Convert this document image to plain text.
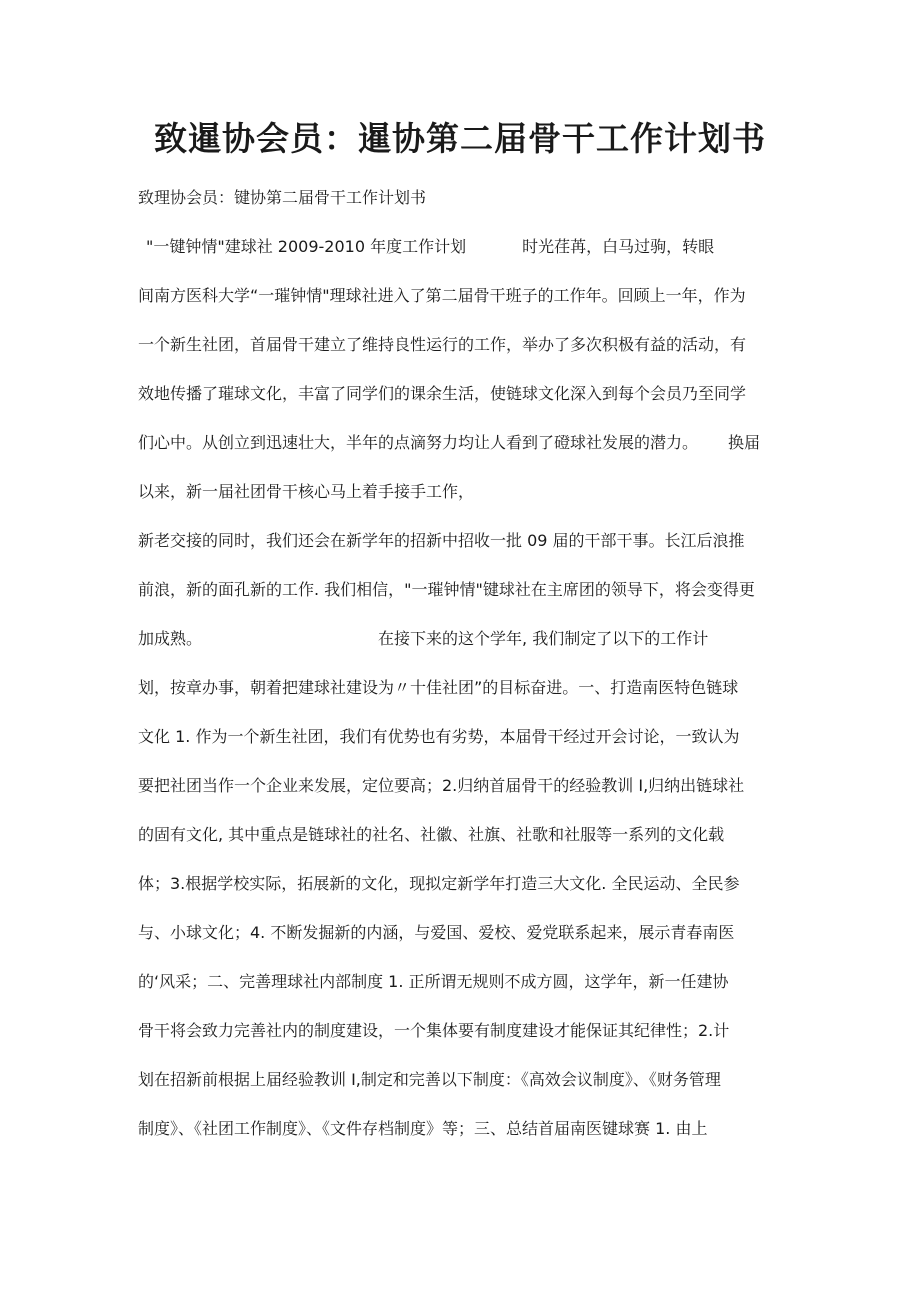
致暹协会员：暹协第二届骨干工作计划书
致理协会员：键协第二届骨干工作计划书
"一键钟情"建球社 2009-2010 年度工作计划	时光荏苒，白马过驹，转眼
间南方医科大学“一璀钟情"理球社进入了第二届骨干班子的工作年。回顾上一年，作为
一个新生社团，首届骨干建立了维持良性运行的工作，举办了多次积极有益的活动，有
效地传播了璀球文化，丰富了同学们的课余生活，使链球文化深入到每个会员乃至同学
们心中。从创立到迅速壮大，半年的点滴努力均让人看到了磴球社发展的潜力。 换届
以来，新一届社团骨干核心马上着手接手工作，
新老交接的同时，我们还会在新学年的招新中招收一批 09 届的干部干事。长江后浪推
前浪，新的面孔新的工作. 我们相信，"一璀钟情"键球社在主席团的领导下，将会变得更
加成熟。	在接下来的这个学年, 我们制定了以下的工作计
划，按章办事，朝着把建球社建设为〃十佳社团”的目标奋进。一、打造南医特色链球
文化 1. 作为一个新生社团，我们有优势也有劣势，本届骨干经过开会讨论，一致认为
要把社团当作一个企业来发展，定位要高；2.归纳首届骨干的经验教训 I,归纳出链球社
的固有文化, 其中重点是链球社的社名、社徽、社旗、社歌和社服等一系列的文化载
体；3.根据学校实际，拓展新的文化，现拟定新学年打造三大文化. 全民运动、全民参
与、小球文化；4. 不断发掘新的内涵，与爱国、爱校、爱党联系起来，展示青春南医
的‘风采；二、完善理球社内部制度 1. 正所谓无规则不成方圆，这学年，新一任建协
骨干将会致力完善社内的制度建设，一个集体要有制度建设才能保证其纪律性；2.计
划在招新前根据上届经验教训 I,制定和完善以下制度：《高效会议制度》、《财务管理
制度》、《社团工作制度》、《文件存档制度》等；三、总结首届南医键球赛 1. 由上
